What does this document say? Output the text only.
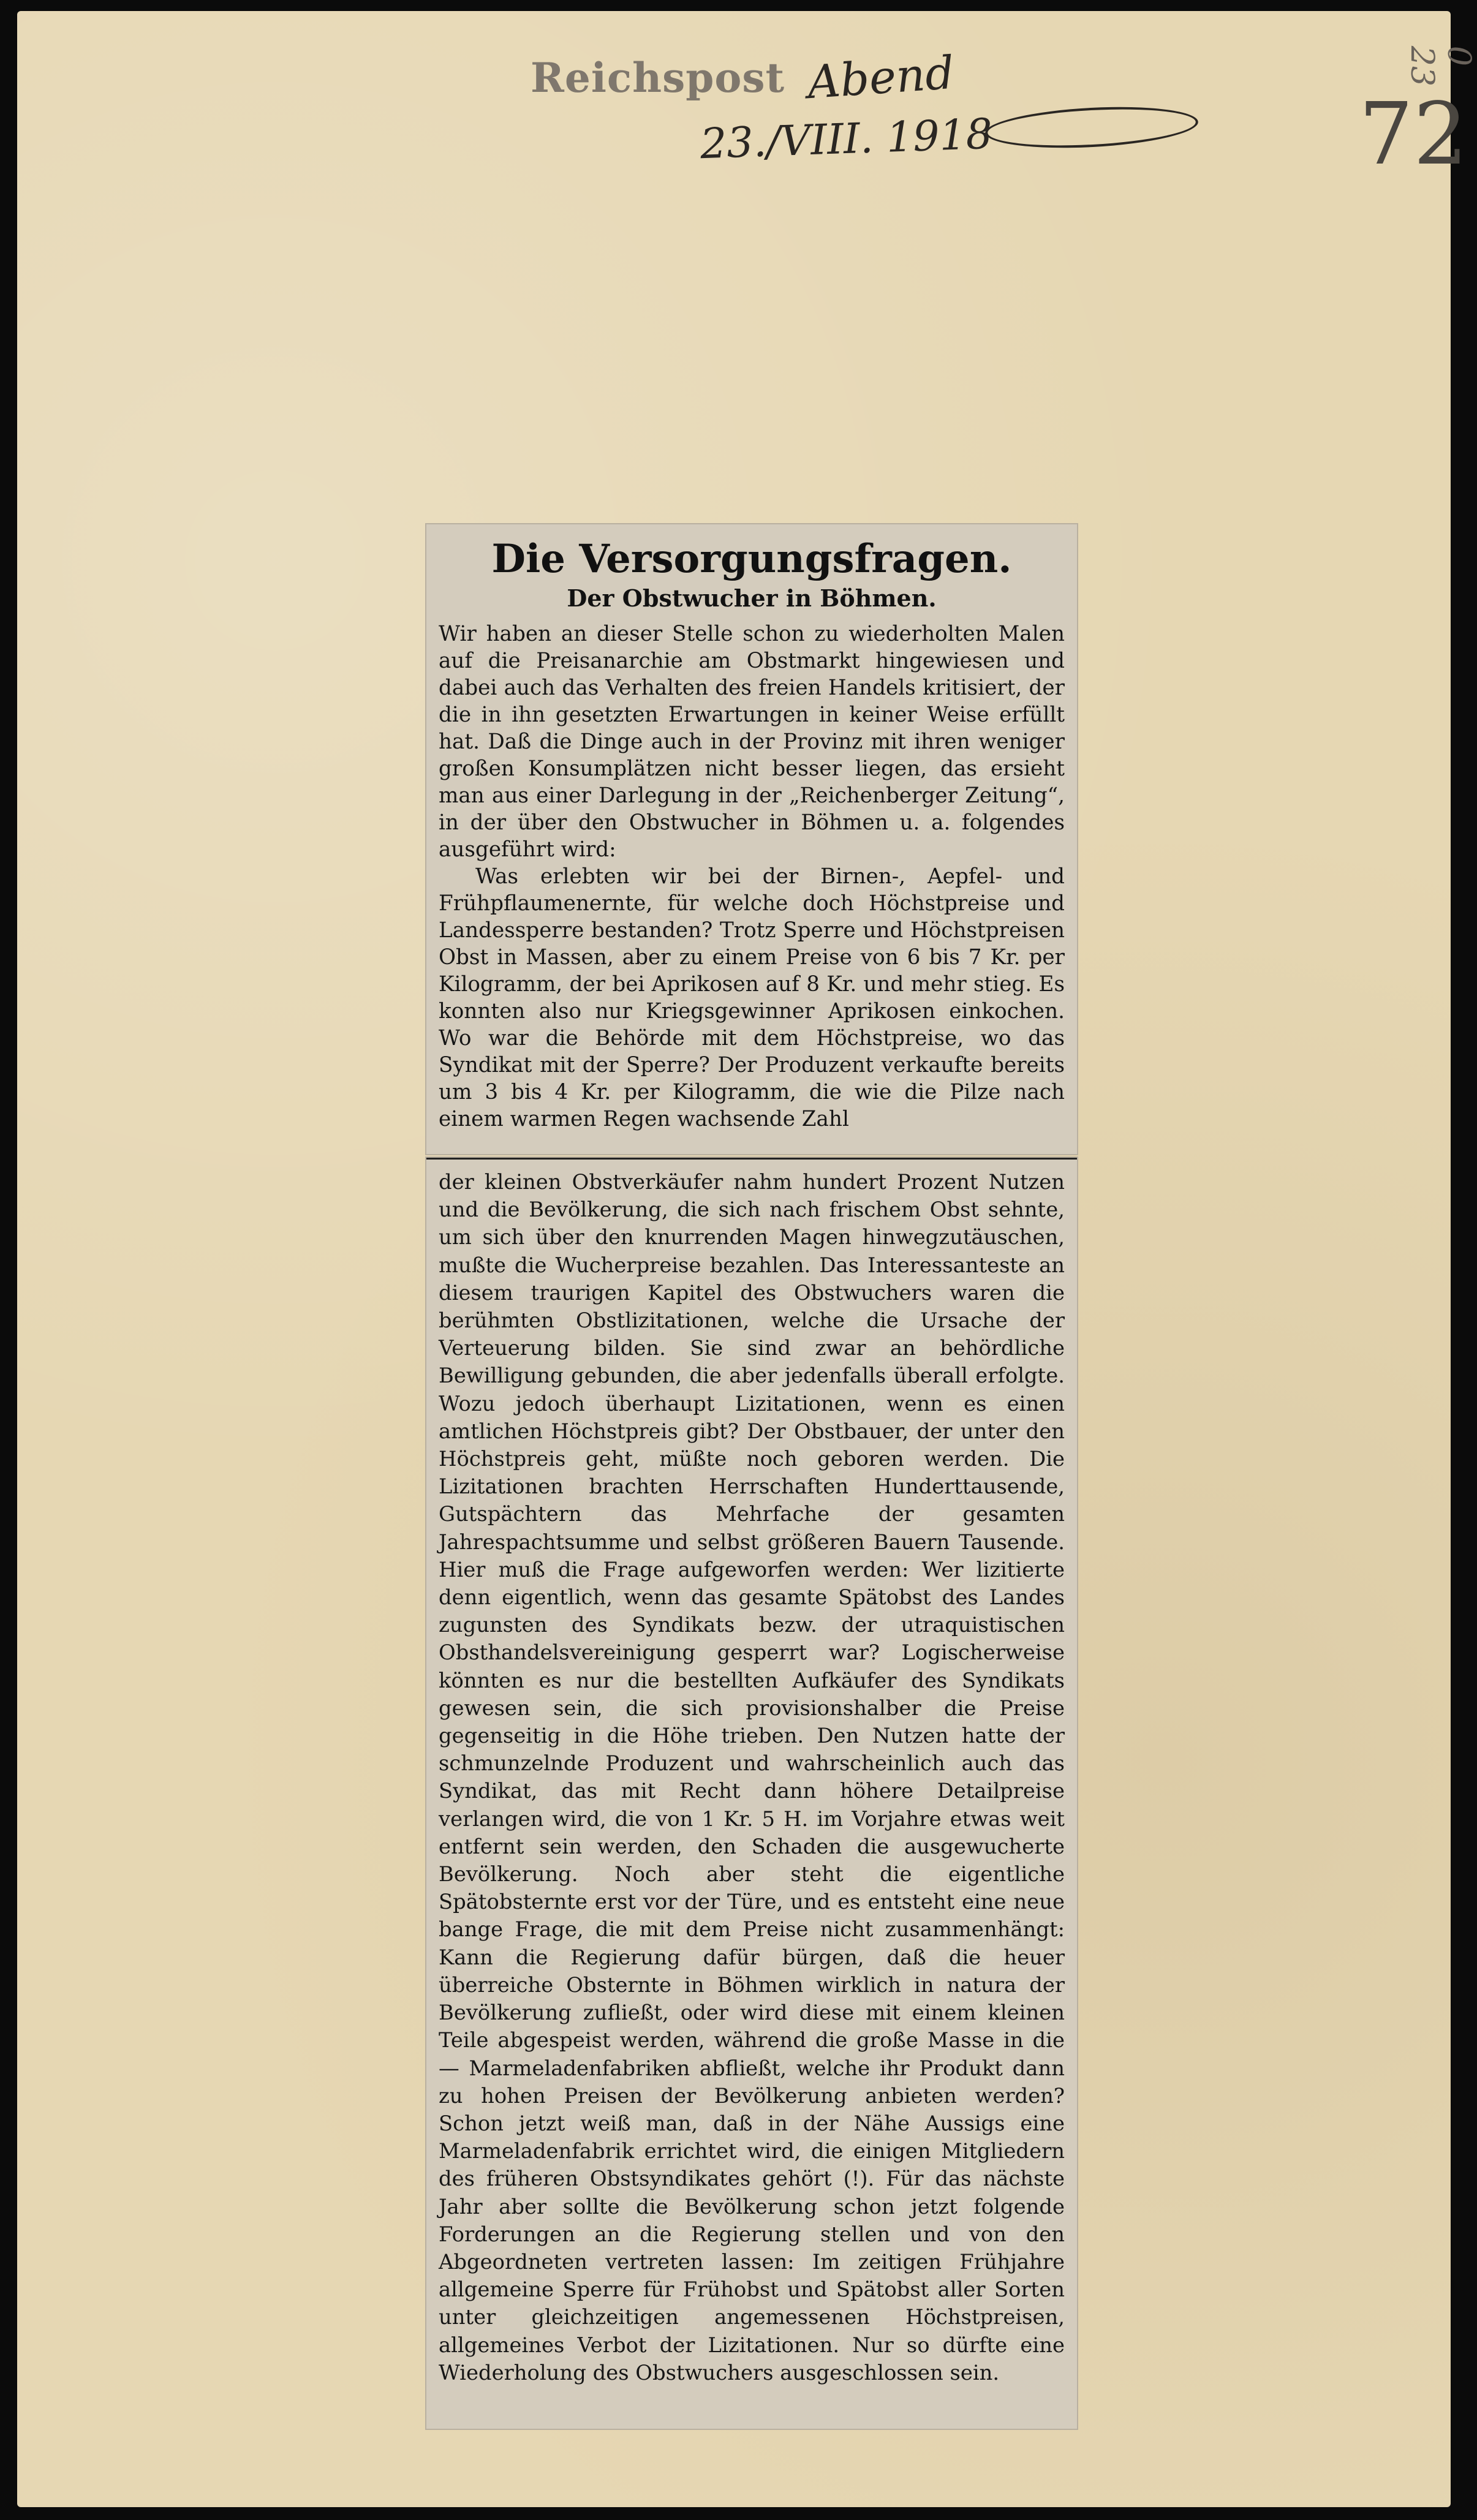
Reichspost Abend
23./VIII. 1918	72
0 23
Die Versorgungsfragen.
Der Obstwucher in Böhmen.

Wir haben an dieser Stelle schon zu wiederholten Malen auf die Preisanarchie am Obstmarkt hingewiesen und dabei auch das Verhalten des freien Handels kritisiert, der die in ihn gesetzten Erwartungen in keiner Weise erfüllt hat. Daß die Dinge auch in der Provinz mit ihren weniger großen Konsumplätzen nicht besser liegen, das ersieht man aus einer Darlegung in der „Reichenberger Zeitung“, in der über den Obstwucher in Böhmen u. a. folgendes ausgeführt wird:

Was erlebten wir bei der Birnen-, Aepfel- und Frühpflaumenernte, für welche doch Höchstpreise und Landessperre bestanden? Trotz Sperre und Höchstpreisen Obst in Massen, aber zu einem Preise von 6 bis 7 Kr. per Kilogramm, der bei Aprikosen auf 8 Kr. und mehr stieg. Es konnten also nur Kriegsgewinner Aprikosen einkochen. Wo war die Behörde mit dem Höchstpreise, wo das Syndikat mit der Sperre? Der Produzent verkaufte bereits um 3 bis 4 Kr. per Kilogramm, die wie die Pilze nach einem warmen Regen wachsende Zahl

der kleinen Obstverkäufer nahm hundert Prozent Nutzen und die Bevölkerung, die sich nach frischem Obst sehnte, um sich über den knurrenden Magen hinwegzutäuschen, mußte die Wucherpreise bezahlen. Das Interessanteste an diesem traurigen Kapitel des Obstwuchers waren die berühmten Obstlizitationen, welche die Ursache der Verteuerung bilden. Sie sind zwar an behördliche Bewilligung gebunden, die aber jedenfalls überall erfolgte. Wozu jedoch überhaupt Lizitationen, wenn es einen amtlichen Höchstpreis gibt? Der Obstbauer, der unter den Höchstpreis geht, müßte noch geboren werden. Die Lizitationen brachten Herrschaften Hunderttausende, Gutspächtern das Mehrfache der gesamten Jahrespachtsumme und selbst größeren Bauern Tausende. Hier muß die Frage aufgeworfen werden: Wer lizitierte denn eigentlich, wenn das gesamte Spätobst des Landes zugunsten des Syndikats bezw. der utraquistischen Obsthandelsvereinigung gesperrt war? Logischerweise könnten es nur die bestellten Aufkäufer des Syndikats gewesen sein, die sich provisionshalber die Preise gegenseitig in die Höhe trieben. Den Nutzen hatte der schmunzelnde Produzent und wahrscheinlich auch das Syndikat, das mit Recht dann höhere Detailpreise verlangen wird, die von 1 Kr. 5 H. im Vorjahre etwas weit entfernt sein werden, den Schaden die ausgewucherte Bevölkerung. Noch aber steht die eigentliche Spätobsternte erst vor der Türe, und es entsteht eine neue bange Frage, die mit dem Preise nicht zusammenhängt: Kann die Regierung dafür bürgen, daß die heuer überreiche Obsternte in Böhmen wirklich in natura der Bevölkerung zufließt, oder wird diese mit einem kleinen Teile abgespeist werden, während die große Masse in die — Marmeladenfabriken abfließt, welche ihr Produkt dann zu hohen Preisen der Bevölkerung anbieten werden? Schon jetzt weiß man, daß in der Nähe Aussigs eine Marmeladenfabrik errichtet wird, die einigen Mitgliedern des früheren Obstsyndikates gehört (!). Für das nächste Jahr aber sollte die Bevölkerung schon jetzt folgende Forderungen an die Regierung stellen und von den Abgeordneten vertreten lassen: Im zeitigen Frühjahre allgemeine Sperre für Frühobst und Spätobst aller Sorten unter gleichzeitigen angemessenen Höchstpreisen, allgemeines Verbot der Lizitationen. Nur so dürfte eine Wiederholung des Obstwuchers ausgeschlossen sein.
